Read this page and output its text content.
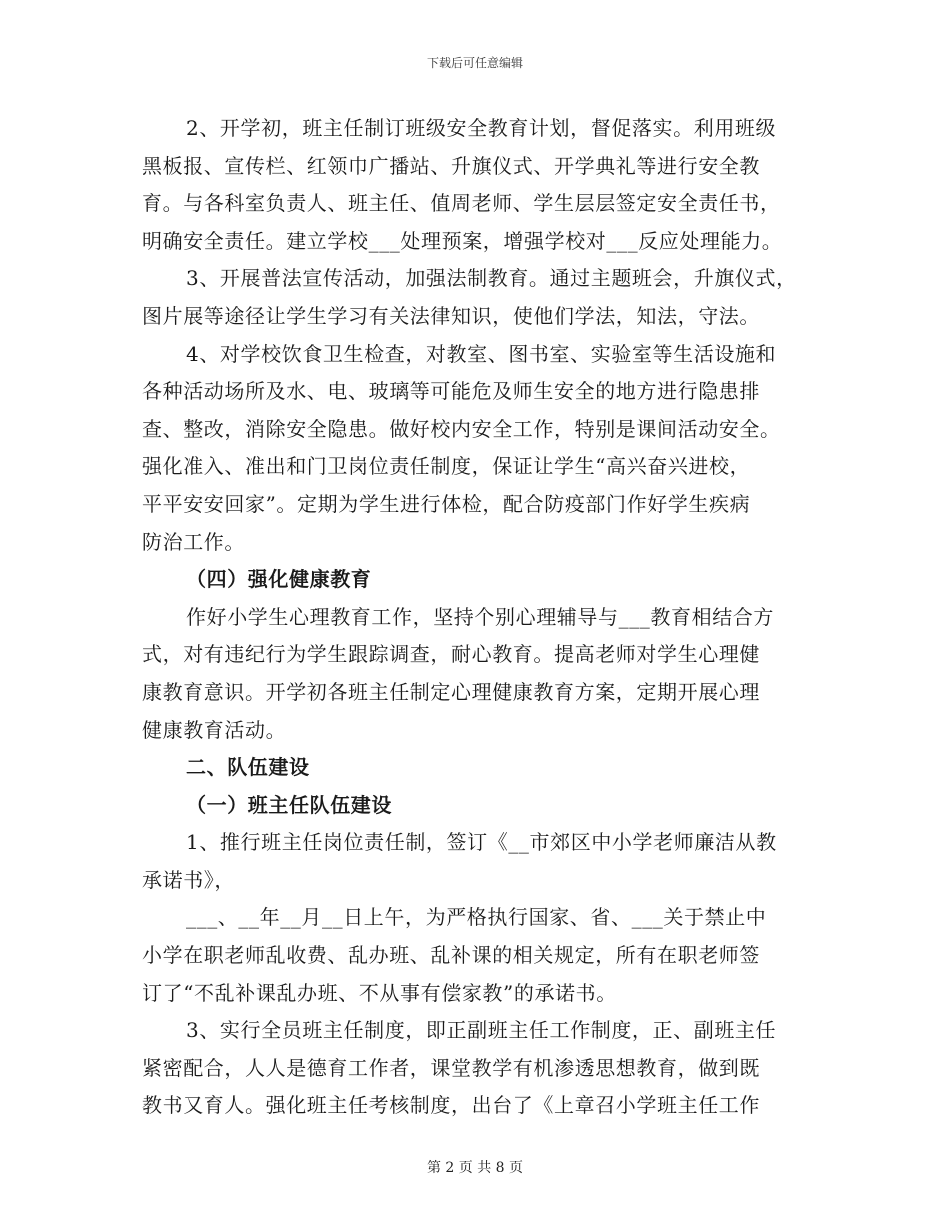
下载后可任意编辑
2、开学初，班主任制订班级安全教育计划，督促落实。利用班级
黑板报、宣传栏、红领巾广播站、升旗仪式、开学典礼等进行安全教
育。与各科室负责人、班主任、值周老师、学生层层签定安全责任书，
明确安全责任。建立学校___处理预案，增强学校对___反应处理能力。
3、开展普法宣传活动，加强法制教育。通过主题班会，升旗仪式，
图片展等途径让学生学习有关法律知识，使他们学法，知法，守法。
4、对学校饮食卫生检查，对教室、图书室、实验室等生活设施和
各种活动场所及水、电、玻璃等可能危及师生安全的地方进行隐患排
查、整改，消除安全隐患。做好校内安全工作，特别是课间活动安全。
强化准入、准出和门卫岗位责任制度，保证让学生“高兴奋兴进校，
平平安安回家”。定期为学生进行体检，配合防疫部门作好学生疾病
防治工作。
（四）强化健康教育
作好小学生心理教育工作，坚持个别心理辅导与___教育相结合方
式，对有违纪行为学生跟踪调查，耐心教育。提高老师对学生心理健
康教育意识。开学初各班主任制定心理健康教育方案，定期开展心理
健康教育活动。
二、队伍建设
（一）班主任队伍建设
1、推行班主任岗位责任制，签订《__市郊区中小学老师廉洁从教
承诺书》，
___、__年__月__日上午，为严格执行国家、省、___关于禁止中
小学在职老师乱收费、乱办班、乱补课的相关规定，所有在职老师签
订了“不乱补课乱办班、不从事有偿家教”的承诺书。
3、实行全员班主任制度，即正副班主任工作制度，正、副班主任
紧密配合，人人是德育工作者，课堂教学有机渗透思想教育，做到既
教书又育人。强化班主任考核制度，出台了《上章召小学班主任工作
第 2 页 共 8 页
